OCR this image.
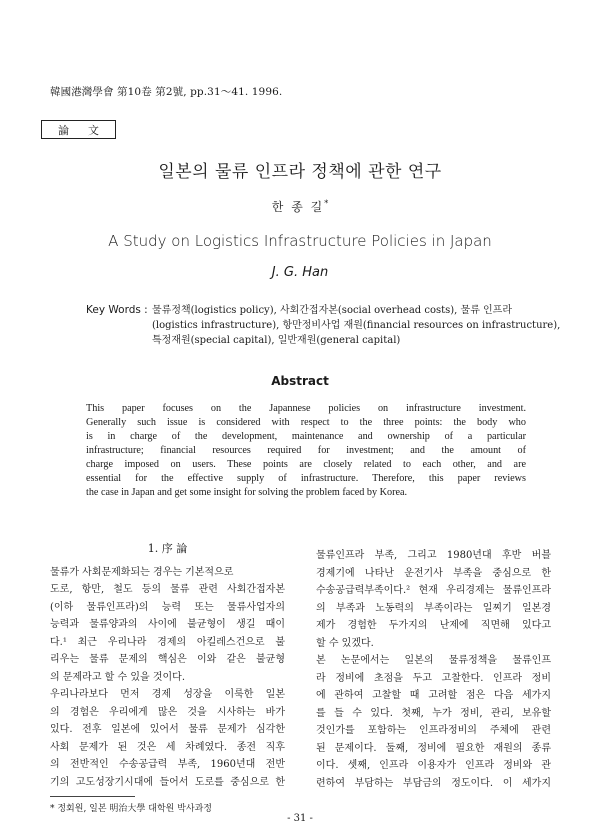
韓國港灣學會 第10卷 第2號, pp.31～41. 1996.
論 文
일본의 물류 인프라 정책에 관한 연구
한 종 길*
A Study on Logistics Infrastructure Policies in Japan
J. G. Han
Key Words : 물류정책(logistics policy), 사회간접자본(social overhead costs), 물류 인프라
(logistics infrastructure), 항만정비사업 재원(financial resources on infrastructure),
특정재원(special capital), 일반재원(general capital)
Abstract
This paper focuses on the Japannese policies on infrastructure investment.
Generally such issue is considered with respect to the three points: the body who
is in charge of the development, maintenance and ownership of a particular
infrastructure; financial resources required for investment; and the amount of
charge imposed on users. These points are closely related to each other, and are
essential for the effective supply of infrastructure. Therefore, this paper reviews
the case in Japan and get some insight for solving the problem faced by Korea.
1. 序 論
물류가 사회문제화되는 경우는 기본적으로
도로, 항만, 철도 등의 물류 관련 사회간접자본
(이하 물류인프라)의 능력 또는 물류사업자의
능력과 물류양과의 사이에 불균형이 생길 때이
다.¹ 최근 우리나라 경제의 아킬레스건으로 불
리우는 물류 문제의 핵심은 이와 같은 불균형
의 문제라고 할 수 있을 것이다.
우리나라보다 먼저 경제 성장을 이룩한 일본
의 경험은 우리에게 많은 것을 시사하는 바가
있다. 전후 일본에 있어서 물류 문제가 심각한
사회 문제가 된 것은 세 차례였다. 종전 직후
의 전반적인 수송공급력 부족, 1960년대 전반
기의 고도성장기시대에 들어서 도로를 중심으로 한
물류인프라 부족, 그리고 1980년대 후반 버블
경제기에 나타난 운전기사 부족을 중심으로 한
수송공급력부족이다.² 현재 우리경제는 물류인프라
의 부족과 노동력의 부족이라는 일찌기 일본경
제가 경험한 두가지의 난제에 직면해 있다고
할 수 있겠다.
본 논문에서는 일본의 물류정책을 물류인프
라 정비에 초점을 두고 고찰한다. 인프라 정비
에 관하여 고찰할 때 고려할 점은 다음 세가지
를 들 수 있다. 첫째, 누가 정비, 관리, 보유할
것인가를 포함하는 인프라정비의 주체에 관련
된 문제이다. 둘째, 정비에 필요한 재원의 종류
이다. 셋째, 인프라 이용자가 인프라 정비와 관
련하여 부담하는 부담금의 정도이다. 이 세가지
* 정회원, 일본 明治大學 대학원 박사과정
- 31 -
